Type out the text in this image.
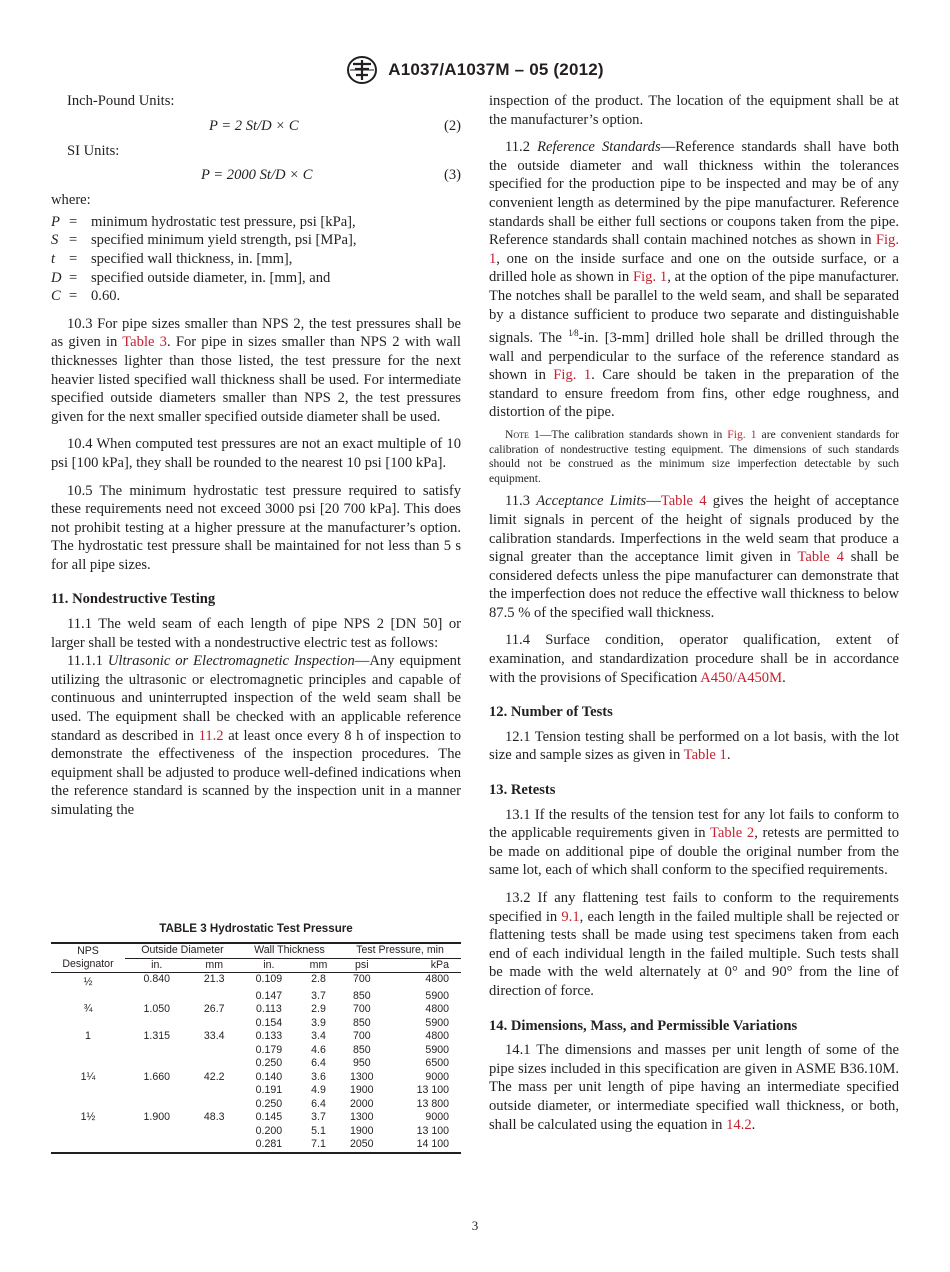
A1037/A1037M – 05 (2012)

Inch-Pound Units:

P = 2 St/D × C	(2)

SI Units:

P = 2000 St/D × C	(3)

where:

P = minimum hydrostatic test pressure, psi [kPa],
S = specified minimum yield strength, psi [MPa],
t = specified wall thickness, in. [mm],
D = specified outside diameter, in. [mm], and
C = 0.60.

10.3 For pipe sizes smaller than NPS 2, the test pressures shall be as given in Table 3. For pipe in sizes smaller than NPS 2 with wall thicknesses lighter than those listed, the test pressure for the next heavier listed specified wall thickness shall be used. For intermediate specified outside diameters smaller than NPS 2, the test pressures given for the next smaller specified outside diameter shall be used.

10.4 When computed test pressures are not an exact multiple of 10 psi [100 kPa], they shall be rounded to the nearest 10 psi [100 kPa].

10.5 The minimum hydrostatic test pressure required to satisfy these requirements need not exceed 3000 psi [20 700 kPa]. This does not prohibit testing at a higher pressure at the manufacturer’s option. The hydrostatic test pressure shall be maintained for not less than 5 s for all pipe sizes.

11. Nondestructive Testing

11.1 The weld seam of each length of pipe NPS 2 [DN 50] or larger shall be tested with a nondestructive electric test as follows:

11.1.1 Ultrasonic or Electromagnetic Inspection—Any equipment utilizing the ultrasonic or electromagnetic principles and capable of continuous and uninterrupted inspection of the weld seam shall be used. The equipment shall be checked with an applicable reference standard as described in 11.2 at least once every 8 h of inspection to demonstrate the effectiveness of the inspection procedures. The equipment shall be adjusted to produce well-defined indications when the reference standard is scanned by the inspection unit in a manner simulating the

TABLE 3 Hydrostatic Test Pressure
NPS Designator	Outside Diameter		Wall Thickness		Test Pressure, min	
	in.	mm	in.	mm	psi	kPa
½	0.840	21.3	0.109	2.8	700	4800
			0.147	3.7	850	5900
¾	1.050	26.7	0.113	2.9	700	4800
			0.154	3.9	850	5900
1	1.315	33.4	0.133	3.4	700	4800
			0.179	4.6	850	5900
			0.250	6.4	950	6500
1¼	1.660	42.2	0.140	3.6	1300	9000
			0.191	4.9	1900	13 100
			0.250	6.4	2000	13 800
1½	1.900	48.3	0.145	3.7	1300	9000
			0.200	5.1	1900	13 100
			0.281	7.1	2050	14 100

inspection of the product. The location of the equipment shall be at the manufacturer’s option.

11.2 Reference Standards—Reference standards shall have both the outside diameter and wall thickness within the tolerances specified for the production pipe to be inspected and may be of any convenient length as determined by the pipe manufacturer. Reference standards shall be either full sections or coupons taken from the pipe. Reference standards shall contain machined notches as shown in Fig. 1, one on the inside surface and one on the outside surface, or a drilled hole as shown in Fig. 1, at the option of the pipe manufacturer. The notches shall be parallel to the weld seam, and shall be separated by a distance sufficient to produce two separate and distinguishable signals. The $^{1⁄8}$-in. [3-mm] drilled hole shall be drilled through the wall and perpendicular to the surface of the reference standard as shown in Fig. 1. Care should be taken in the preparation of the standard to ensure freedom from fins, other edge roughness, and distortion of the pipe.

Note 1—The calibration standards shown in Fig. 1 are convenient standards for calibration of nondestructive testing equipment. The dimensions of such standards should not be construed as the minimum size imperfection detectable by such equipment.

11.3 Acceptance Limits—Table 4 gives the height of acceptance limit signals in percent of the height of signals produced by the calibration standards. Imperfections in the weld seam that produce a signal greater than the acceptance limit given in Table 4 shall be considered defects unless the pipe manufacturer can demonstrate that the imperfection does not reduce the effective wall thickness to below 87.5 % of the specified wall thickness.

11.4 Surface condition, operator qualification, extent of examination, and standardization procedure shall be in accordance with the provisions of Specification A450/A450M.

12. Number of Tests

12.1 Tension testing shall be performed on a lot basis, with the lot size and sample sizes as given in Table 1.

13. Retests

13.1 If the results of the tension test for any lot fails to conform to the applicable requirements given in Table 2, retests are permitted to be made on additional pipe of double the original number from the same lot, each of which shall conform to the specified requirements.

13.2 If any flattening test fails to conform to the requirements specified in 9.1, each length in the failed multiple shall be rejected or flattening tests shall be made using test specimens taken from each end of each individual length in the failed multiple. Such tests shall be made with the weld alternately at 0° and 90° from the line of direction of force.

14. Dimensions, Mass, and Permissible Variations

14.1 The dimensions and masses per unit length of some of the pipe sizes included in this specification are given in ASME B36.10M. The mass per unit length of pipe having an intermediate specified outside diameter, or intermediate specified wall thickness, or both, shall be calculated using the equation in 14.2.

3
